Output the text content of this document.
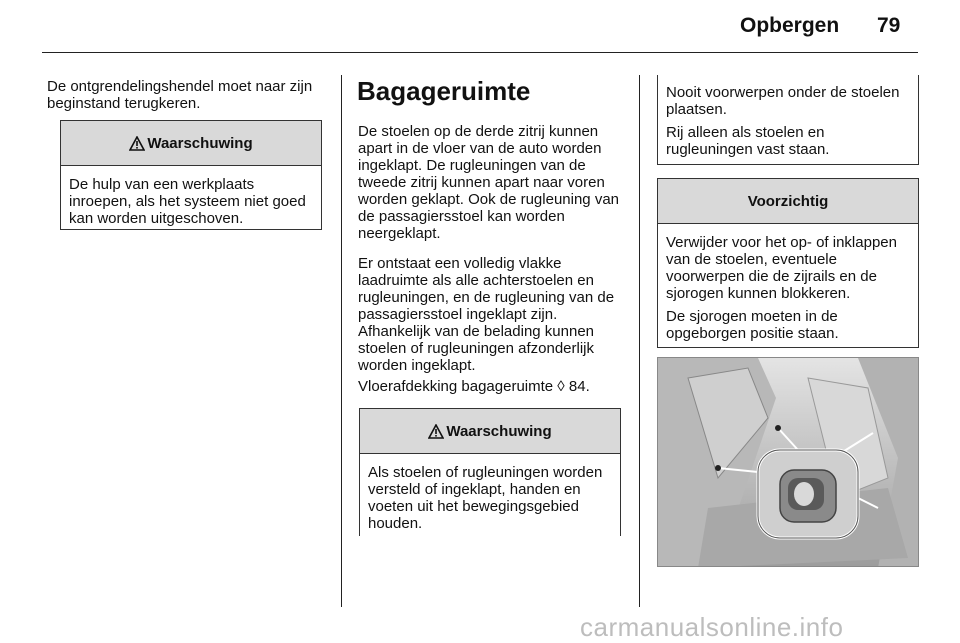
Opbergen 79

De ontgrendelingshendel moet naar zijn beginstand terugkeren.

Waarschuwing

De hulp van een werkplaats inroepen, als het systeem niet goed kan worden uitgeschoven.

Bagageruimte

De stoelen op de derde zitrij kunnen apart in de vloer van de auto worden ingeklapt. De rugleuningen van de tweede zitrij kunnen apart naar voren worden geklapt. Ook de rugleuning van de passagiersstoel kan worden neergeklapt.

Er ontstaat een volledig vlakke laadruimte als alle achterstoelen en rugleuningen, en de rugleuning van de passagiersstoel ingeklapt zijn. Afhankelijk van de belading kunnen stoelen of rugleuningen afzonderlijk worden ingeklapt.

Vloerafdekking bagageruimte ◊ 84.

Waarschuwing

Als stoelen of rugleuningen worden versteld of ingeklapt, handen en voeten uit het bewegingsgebied houden.

Nooit voorwerpen onder de stoelen plaatsen.

Rij alleen als stoelen en rugleuningen vast staan.

Voorzichtig

Verwijder voor het op- of inklappen van de stoelen, eventuele voorwerpen die de zijrails en de sjorogen kunnen blokkeren.

De sjorogen moeten in de opgeborgen positie staan.

carmanualsonline.info
